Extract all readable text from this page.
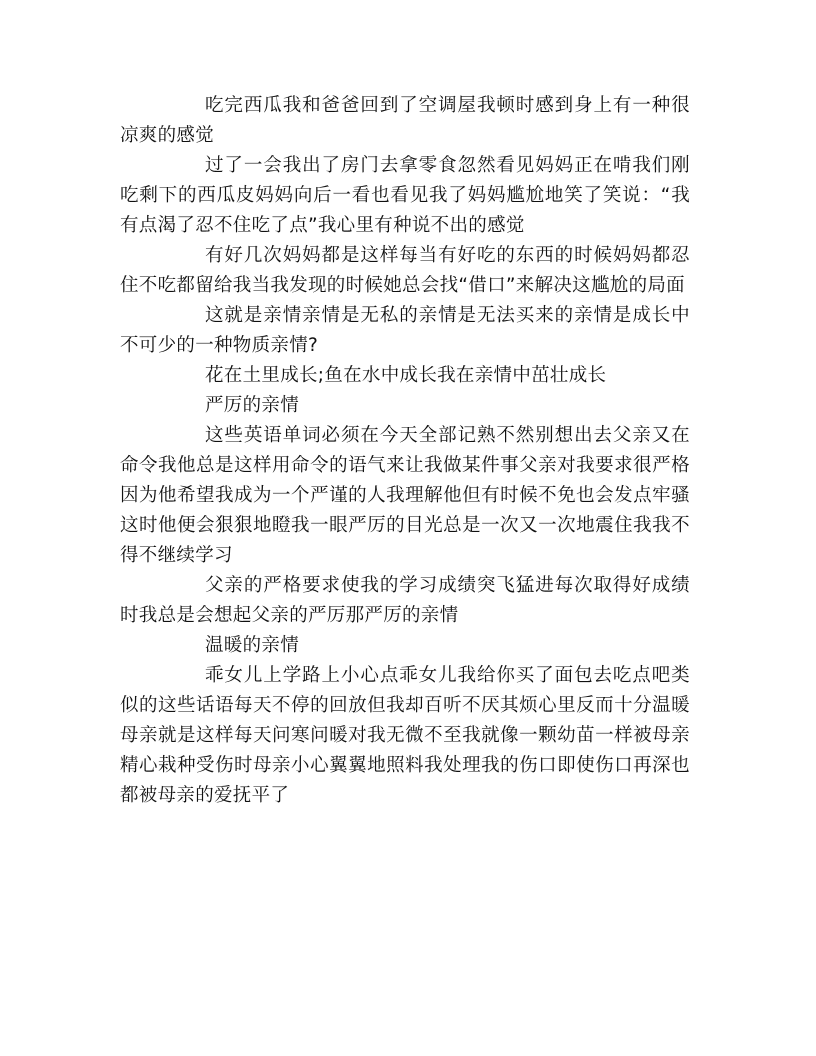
吃完西瓜我和爸爸回到了空调屋我顿时感到身上有一种很凉爽的感觉

过了一会我出了房门去拿零食忽然看见妈妈正在啃我们刚吃剩下的西瓜皮妈妈向后一看也看见我了妈妈尴尬地笑了笑说：“我有点渴了忍不住吃了点”我心里有种说不出的感觉

有好几次妈妈都是这样每当有好吃的东西的时候妈妈都忍住不吃都留给我当我发现的时候她总会找“借口”来解决这尴尬的局面

这就是亲情亲情是无私的亲情是无法买来的亲情是成长中不可少的一种物质亲情?

花在土里成长;鱼在水中成长我在亲情中茁壮成长

严厉的亲情

这些英语单词必须在今天全部记熟不然别想出去父亲又在命令我他总是这样用命令的语气来让我做某件事父亲对我要求很严格因为他希望我成为一个严谨的人我理解他但有时候不免也会发点牢骚这时他便会狠狠地瞪我一眼严厉的目光总是一次又一次地震住我我不得不继续学习

父亲的严格要求使我的学习成绩突飞猛进每次取得好成绩时我总是会想起父亲的严厉那严厉的亲情

温暖的亲情

乖女儿上学路上小心点乖女儿我给你买了面包去吃点吧类似的这些话语每天不停的回放但我却百听不厌其烦心里反而十分温暖母亲就是这样每天问寒问暖对我无微不至我就像一颗幼苗一样被母亲精心栽种受伤时母亲小心翼翼地照料我处理我的伤口即使伤口再深也都被母亲的爱抚平了
